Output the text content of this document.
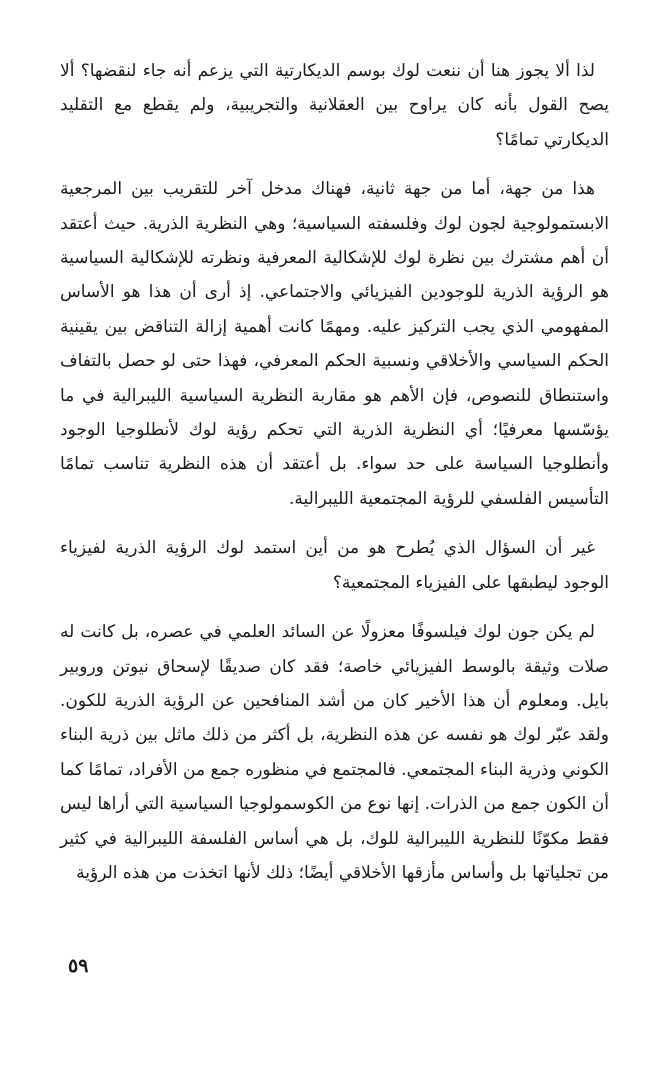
لذا ألا يجوز هنا أن ننعت لوك بوسم الديكارتية التي يزعم أنه جاء لنقضها؟ ألا يصح القول بأنه كان يراوح بين العقلانية والتجريبية، ولم يقطع مع التقليد الديكارتي تمامًا؟

هذا من جهة، أما من جهة ثانية، فهناك مدخل آخر للتقريب بين المرجعية الابستمولوجية لجون لوك وفلسفته السياسية؛ وهي النظرية الذرية. حيث أعتقد أن أهم مشترك بين نظرة لوك للإشكالية المعرفية ونظرته للإشكالية السياسية هو الرؤية الذرية للوجودين الفيزيائي والاجتماعي. إذ أرى أن هذا هو الأساس المفهومي الذي يجب التركيز عليه. ومهمًا كانت أهمية إزالة التناقض بين يقينية الحكم السياسي والأخلاقي ونسبية الحكم المعرفي، فهذا حتى لو حصل بالتفاف واستنطاق للنصوص، فإن الأهم هو مقاربة النظرية السياسية الليبرالية في ما يؤسّسها معرفيًا؛ أي النظرية الذرية التي تحكم رؤية لوك لأنطلوجيا الوجود وأنطلوجيا السياسة على حد سواء. بل أعتقد أن هذه النظرية تناسب تمامًا التأسيس الفلسفي للرؤية المجتمعية الليبرالية.

غير أن السؤال الذي يُطرح هو من أين استمد لوك الرؤية الذرية لفيزياء الوجود ليطبقها على الفيزياء المجتمعية؟

لم يكن جون لوك فيلسوفًا معزولًا عن السائد العلمي في عصره، بل كانت له صلات وثيقة بالوسط الفيزيائي خاصة؛ فقد كان صديقًا لإسحاق نيوتن وروبير بايل. ومعلوم أن هذا الأخير كان من أشد المنافحين عن الرؤية الذرية للكون. ولقد عبّر لوك هو نفسه عن هذه النظرية، بل أكثر من ذلك ماثل بين ذرية البناء الكوني وذرية البناء المجتمعي. فالمجتمع في منظوره جمع من الأفراد، تمامًا كما أن الكون جمع من الذرات. إنها نوع من الكوسمولوجيا السياسية التي أراها ليس فقط مكوّنًا للنظرية الليبرالية للوك، بل هي أساس الفلسفة الليبرالية في كثير من تجلياتها بل وأساس مأزقها الأخلاقي أيضًا؛ ذلك لأنها اتخذت من هذه الرؤية

٥٩
